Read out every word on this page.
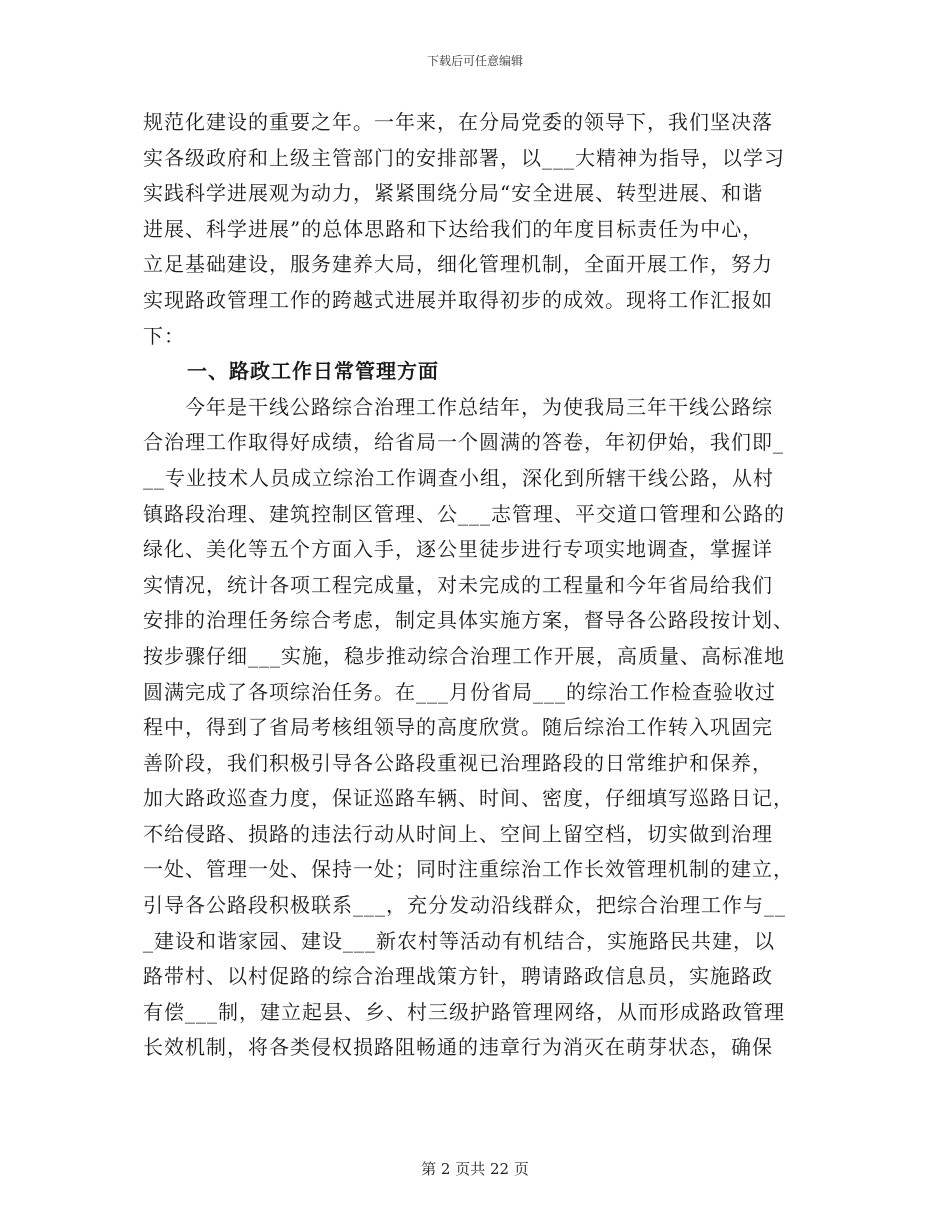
下载后可任意编辑
规范化建设的重要之年。一年来，在分局党委的领导下，我们坚决落
实各级政府和上级主管部门的安排部署，以___大精神为指导，以学习
实践科学进展观为动力，紧紧围绕分局“安全进展、转型进展、和谐
进展、科学进展”的总体思路和下达给我们的年度目标责任为中心，
立足基础建设，服务建养大局，细化管理机制，全面开展工作，努力
实现路政管理工作的跨越式进展并取得初步的成效。现将工作汇报如
下：
一、路政工作日常管理方面
　　今年是干线公路综合治理工作总结年，为使我局三年干线公路综
合治理工作取得好成绩，给省局一个圆满的答卷，年初伊始，我们即_
__专业技术人员成立综治工作调查小组，深化到所辖干线公路，从村
镇路段治理、建筑控制区管理、公___志管理、平交道口管理和公路的
绿化、美化等五个方面入手，逐公里徒步进行专项实地调查，掌握详
实情况，统计各项工程完成量，对未完成的工程量和今年省局给我们
安排的治理任务综合考虑，制定具体实施方案，督导各公路段按计划、
按步骤仔细___实施，稳步推动综合治理工作开展，高质量、高标准地
圆满完成了各项综治任务。在___月份省局___的综治工作检查验收过
程中，得到了省局考核组领导的高度欣赏。随后综治工作转入巩固完
善阶段，我们积极引导各公路段重视已治理路段的日常维护和保养，
加大路政巡查力度，保证巡路车辆、时间、密度，仔细填写巡路日记，
不给侵路、损路的违法行动从时间上、空间上留空档，切实做到治理
一处、管理一处、保持一处；同时注重综治工作长效管理机制的建立，
引导各公路段积极联系___，充分发动沿线群众，把综合治理工作与__
_建设和谐家园、建设___新农村等活动有机结合，实施路民共建，以
路带村、以村促路的综合治理战策方针，聘请路政信息员，实施路政
有偿___制，建立起县、乡、村三级护路管理网络，从而形成路政管理
长效机制，将各类侵权损路阻畅通的违章行为消灭在萌芽状态，确保
第 2 页共 22 页
